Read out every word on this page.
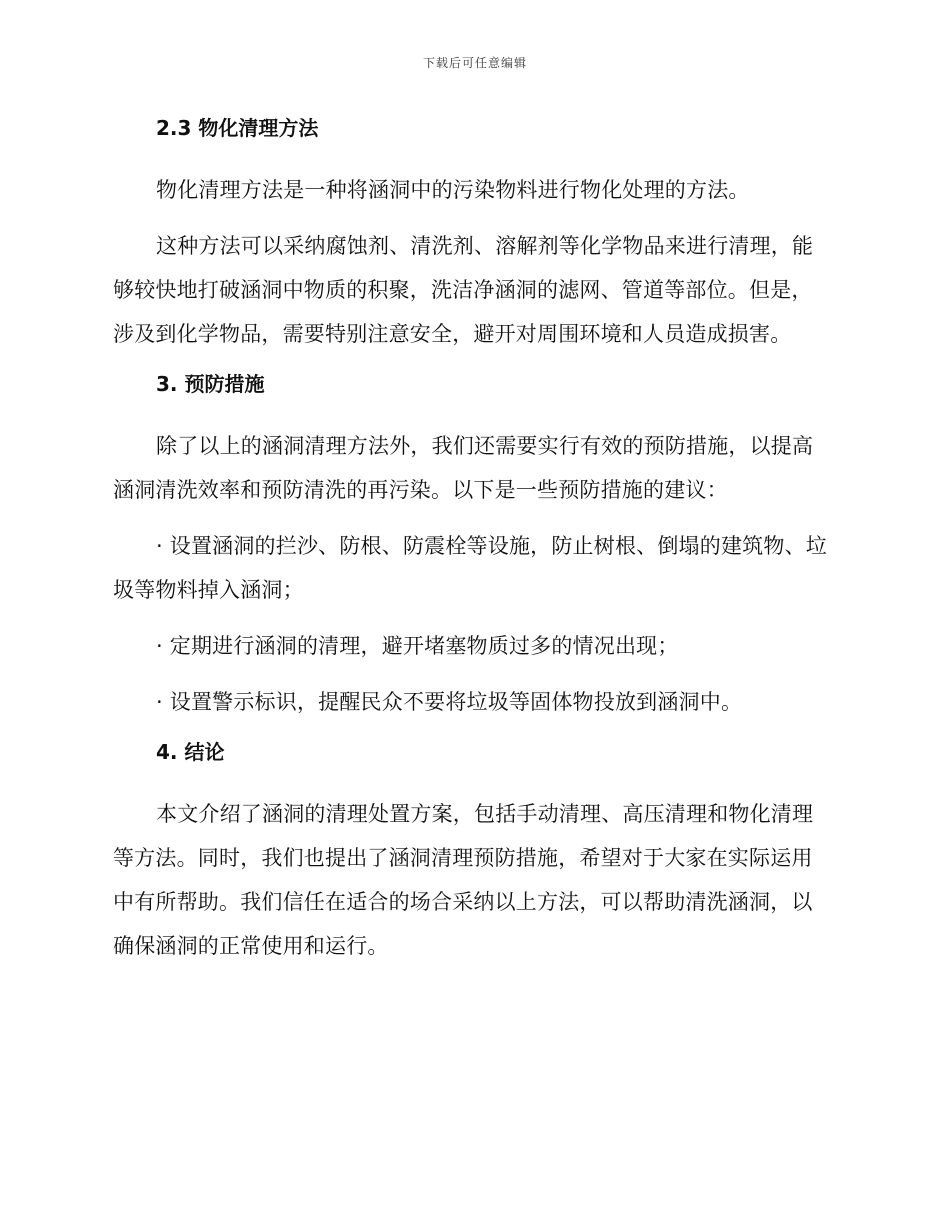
下载后可任意编辑
2.3 物化清理方法

物化清理方法是一种将涵洞中的污染物料进行物化处理的方法。

这种方法可以采纳腐蚀剂、清洗剂、溶解剂等化学物品来进行清理，能够较快地打破涵洞中物质的积聚，洗洁净涵洞的滤网、管道等部位。但是，涉及到化学物品，需要特别注意安全，避开对周围环境和人员造成损害。

3. 预防措施

除了以上的涵洞清理方法外，我们还需要实行有效的预防措施，以提高涵洞清洗效率和预防清洗的再污染。以下是一些预防措施的建议：

· 设置涵洞的拦沙、防根、防震栓等设施，防止树根、倒塌的建筑物、垃圾等物料掉入涵洞；

· 定期进行涵洞的清理，避开堵塞物质过多的情况出现；

· 设置警示标识，提醒民众不要将垃圾等固体物投放到涵洞中。

4. 结论

本文介绍了涵洞的清理处置方案，包括手动清理、高压清理和物化清理等方法。同时，我们也提出了涵洞清理预防措施，希望对于大家在实际运用中有所帮助。我们信任在适合的场合采纳以上方法，可以帮助清洗涵洞，以确保涵洞的正常使用和运行。
